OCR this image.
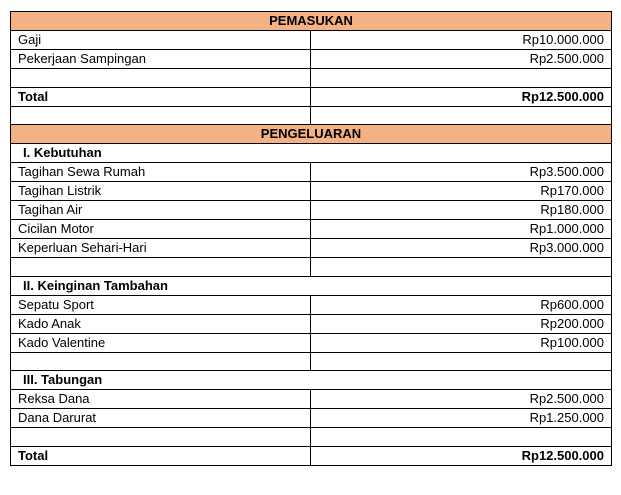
PEMASUKAN	
Gaji	Rp10.000.000
Pekerjaan Sampingan	Rp2.500.000

Total	Rp12.500.000

PENGELUARAN	
I. Kebutuhan	
Tagihan Sewa Rumah	Rp3.500.000
Tagihan Listrik	Rp170.000
Tagihan Air	Rp180.000
Cicilan Motor	Rp1.000.000
Keperluan Sehari-Hari	Rp3.000.000

II. Keinginan Tambahan	
Sepatu Sport	Rp600.000
Kado Anak	Rp200.000
Kado Valentine	Rp100.000

III. Tabungan	
Reksa Dana	Rp2.500.000
Dana Darurat	Rp1.250.000

Total	Rp12.500.000
